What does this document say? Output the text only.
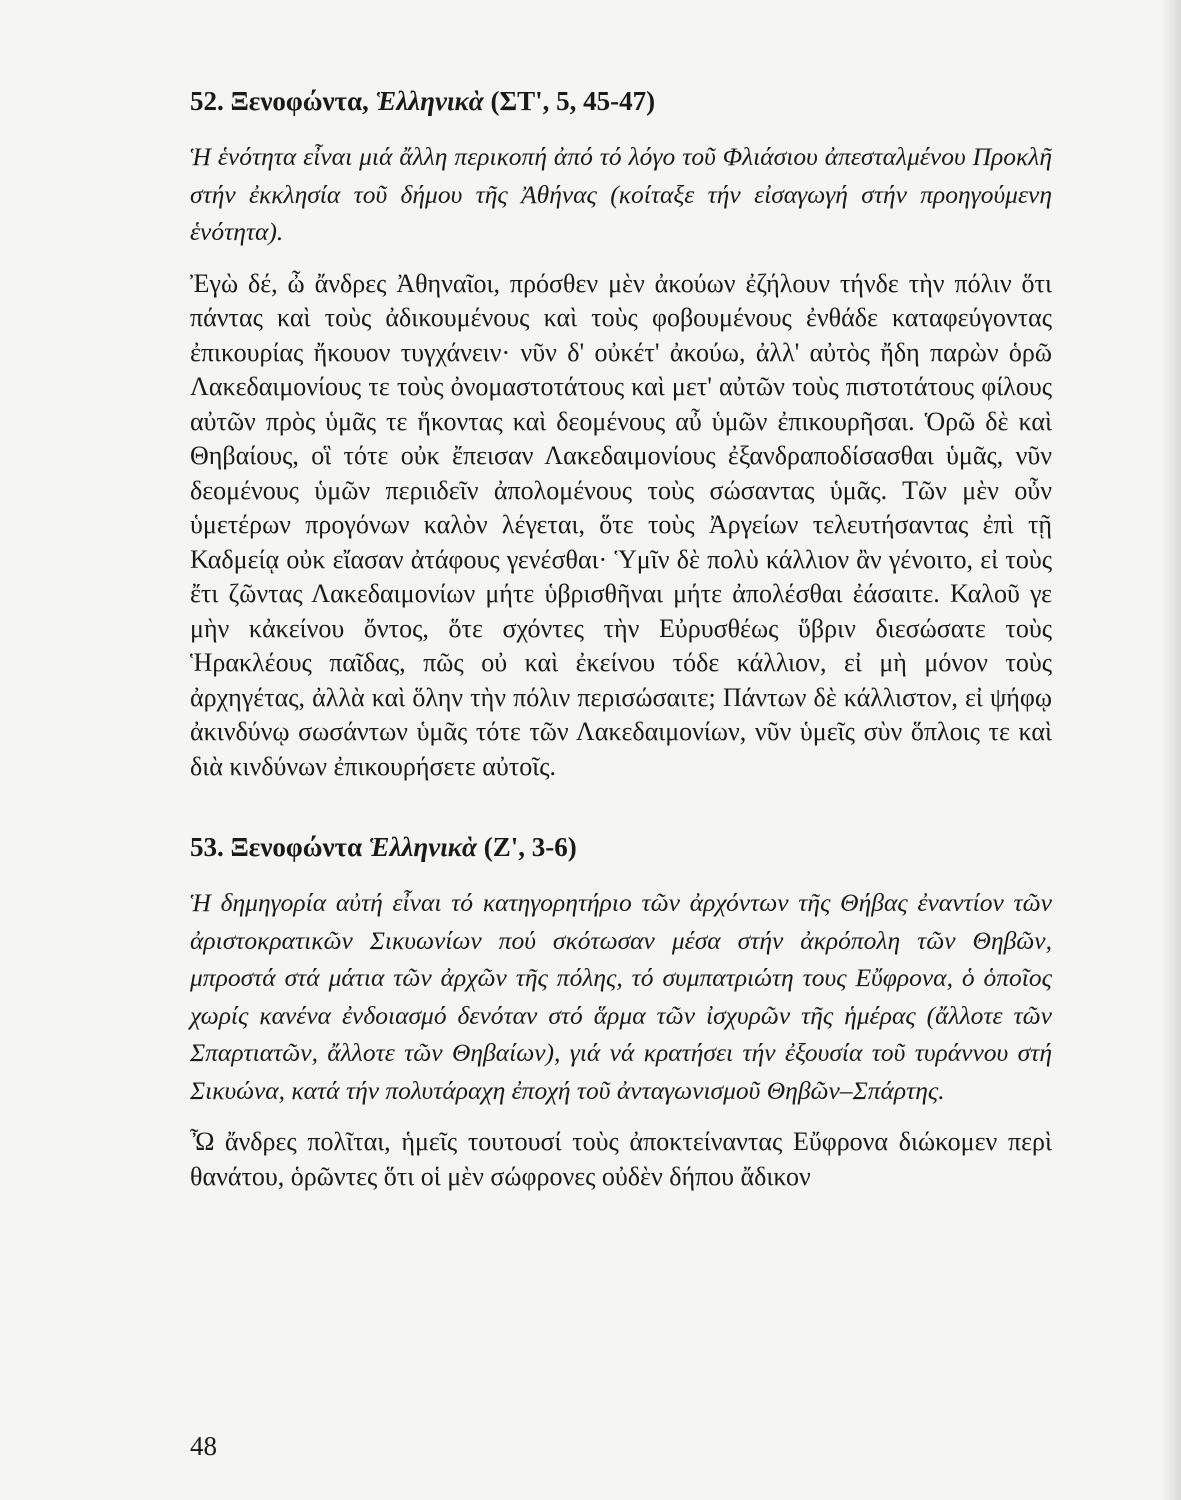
52. Ξενοφώντα, Ἑλληνικὰ (ΣΤ', 5, 45-47)

Ἡ ἑνότητα εἶναι μιά ἄλλη περικοπή ἀπό τό λόγο τοῦ Φλιάσιου ἀπεσταλμένου Προκλῆ στήν ἐκκλησία τοῦ δήμου τῆς Ἀθήνας (κοίταξε τήν εἰσαγωγή στήν προηγούμενη ἑνότητα).

Ἐγὼ δέ, ὦ ἄνδρες Ἀθηναῖοι, πρόσθεν μὲν ἀκούων ἐζήλουν τήνδε τὴν πόλιν ὅτι πάντας καὶ τοὺς ἀδικουμένους καὶ τοὺς φοβουμένους ἐνθάδε καταφεύγοντας ἐπικουρίας ἤκουον τυγχάνειν· νῦν δ' οὐκέτ' ἀκούω, ἀλλ' αὐτὸς ἤδη παρὼν ὁρῶ Λακεδαιμονίους τε τοὺς ὀνομαστοτάτους καὶ μετ' αὐτῶν τοὺς πιστοτάτους φίλους αὐτῶν πρὸς ὑμᾶς τε ἥκοντας καὶ δεομένους αὖ ὑμῶν ἐπικουρῆσαι. Ὁρῶ δὲ καὶ Θηβαίους, οἳ τότε οὐκ ἔπεισαν Λακεδαιμονίους ἐξανδραποδίσασθαι ὑμᾶς, νῦν δεομένους ὑμῶν περιιδεῖν ἀπολομένους τοὺς σώσαντας ὑμᾶς. Τῶν μὲν οὖν ὑμετέρων προγόνων καλὸν λέγεται, ὅτε τοὺς Ἀργείων τελευτήσαντας ἐπὶ τῇ Καδμείᾳ οὐκ εἴασαν ἀτάφους γενέσθαι· Ὑμῖν δὲ πολὺ κάλλιον ἂν γένοιτο, εἰ τοὺς ἔτι ζῶντας Λακεδαιμονίων μήτε ὑβρισθῆναι μήτε ἀπολέσθαι ἐάσαιτε. Καλοῦ γε μὴν κἀκείνου ὄντος, ὅτε σχόντες τὴν Εὐρυσθέως ὕβριν διεσώσατε τοὺς Ἡρακλέους παῖδας, πῶς οὐ καὶ ἐκείνου τόδε κάλλιον, εἰ μὴ μόνον τοὺς ἀρχηγέτας, ἀλλὰ καὶ ὅλην τὴν πόλιν περισώσαιτε; Πάντων δὲ κάλλιστον, εἰ ψήφῳ ἀκινδύνῳ σωσάντων ὑμᾶς τότε τῶν Λακεδαιμονίων, νῦν ὑμεῖς σὺν ὅπλοις τε καὶ διὰ κινδύνων ἐπικουρήσετε αὐτοῖς.

53. Ξενοφώντα Ἑλληνικὰ (Ζ', 3-6)

Ἡ δημηγορία αὐτή εἶναι τό κατηγορητήριο τῶν ἀρχόντων τῆς Θήβας ἐναντίον τῶν ἀριστοκρατικῶν Σικυωνίων πού σκότωσαν μέσα στήν ἀκρόπολη τῶν Θηβῶν, μπροστά στά μάτια τῶν ἀρχῶν τῆς πόλης, τό συμπατριώτη τους Εὔφρονα, ὁ ὁποῖος χωρίς κανένα ἐνδοιασμό δενόταν στό ἅρμα τῶν ἰσχυρῶν τῆς ἡμέρας (ἄλλοτε τῶν Σπαρτιατῶν, ἄλλοτε τῶν Θηβαίων), γιά νά κρατήσει τήν ἐξουσία τοῦ τυράννου στή Σικυώνα, κατά τήν πολυτάραχη ἐποχή τοῦ ἀνταγωνισμοῦ Θηβῶν–Σπάρτης.

Ὦ ἄνδρες πολῖται, ἡμεῖς τουτουσί τοὺς ἀποκτείναντας Εὔφρονα διώκομεν περὶ θανάτου, ὁρῶντες ὅτι οἱ μὲν σώφρονες οὐδὲν δήπου ἄδικον

48
